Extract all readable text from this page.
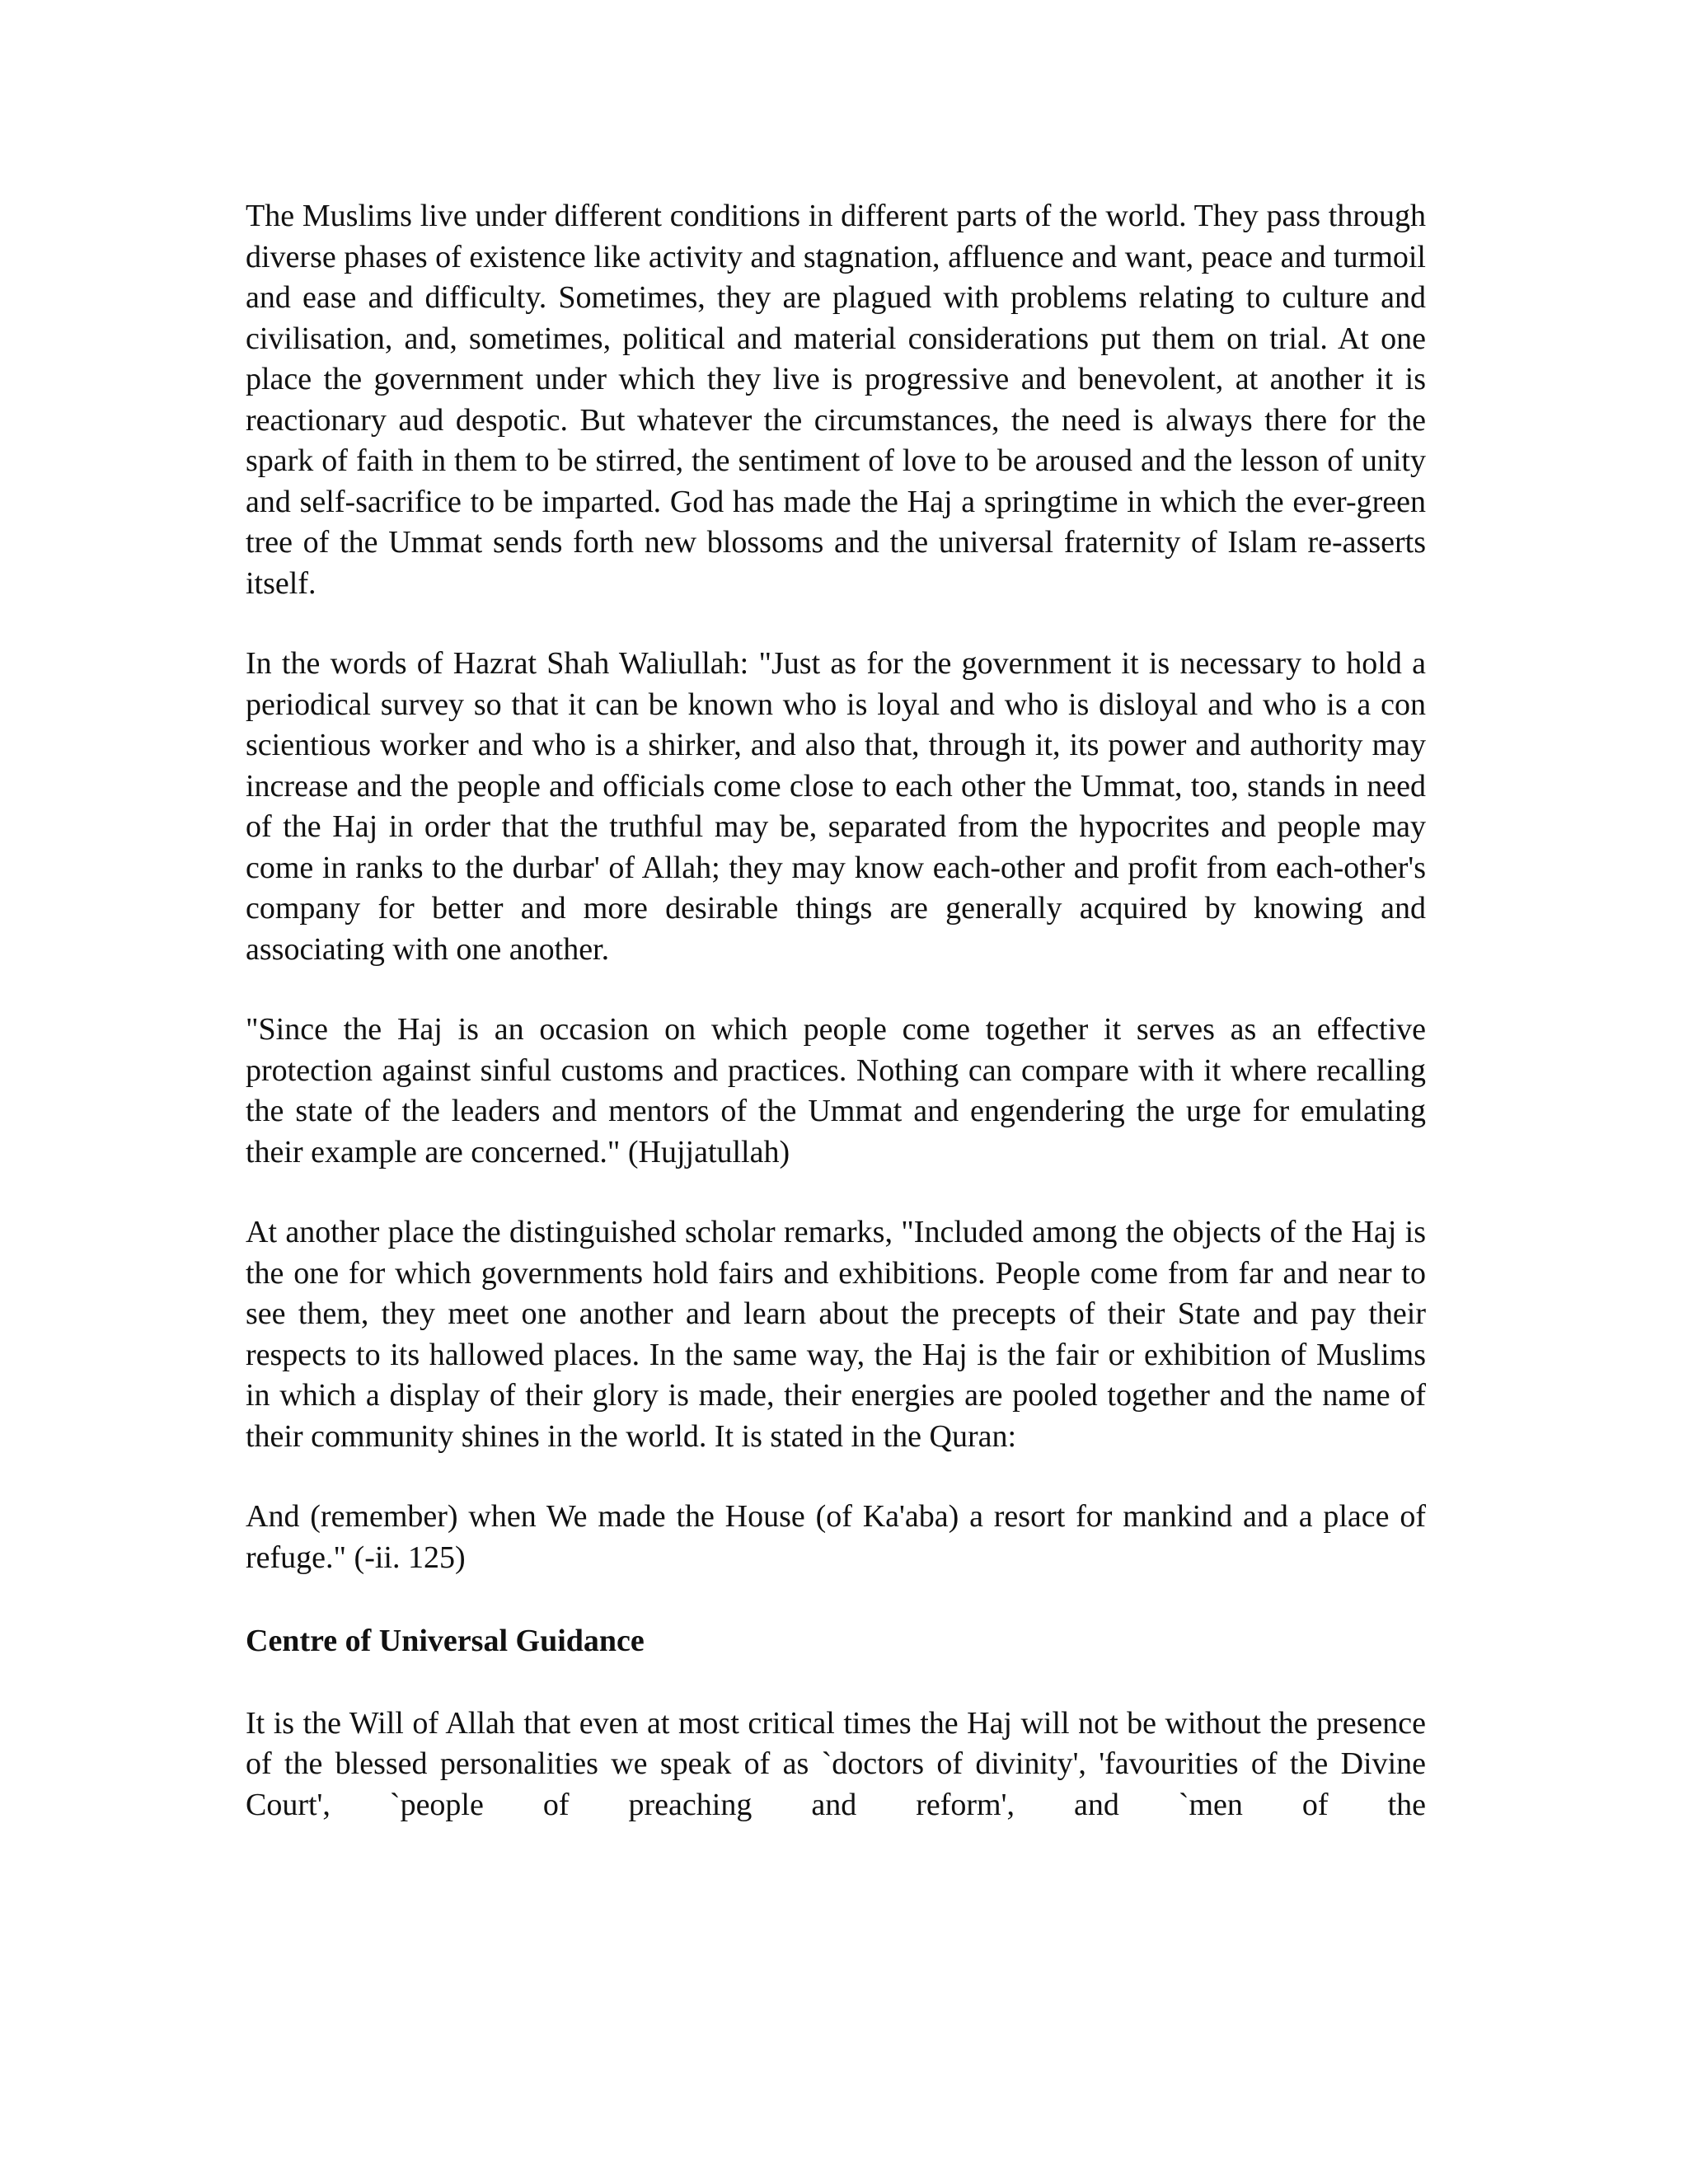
The Muslims live under different conditions in different parts of the world. They pass through diverse phases of existence like activity and stagnation, affluence and want, peace and turmoil and ease and difficulty. Sometimes, they are plagued with problems relating to culture and civilisation, and, sometimes, political and material considerations put them on trial. At one place the government under which they live is progressive and benevolent, at another it is reactionary aud despotic. But whatever the circumstances, the need is always there for the spark of faith in them to be stirred, the sentiment of love to be aroused and the lesson of unity and self-sacrifice to be imparted. God has made the Haj a springtime in which the ever-green tree of the Ummat sends forth new blossoms and the universal fraternity of Islam re-asserts itself.

In the words of Hazrat Shah Waliullah: "Just as for the government it is necessary to hold a periodical survey so that it can be known who is loyal and who is disloyal and who is a con scientious worker and who is a shirker, and also that, through it, its power and authority may increase and the people and officials come close to each other the Ummat, too, stands in need of the Haj in order that the truthful may be, separated from the hypocrites and people may come in ranks to the durbar' of Allah; they may know each-other and profit from each-other's company for better and more desirable things are generally acquired by knowing and associating with one another.

"Since the Haj is an occasion on which people come together it serves as an effective protection against sinful customs and practices. Nothing can compare with it where recalling the state of the leaders and mentors of the Ummat and engendering the urge for emulating their example are concerned." (Hujjatullah)

At another place the distinguished scholar remarks, "Included among the objects of the Haj is the one for which governments hold fairs and exhibitions. People come from far and near to see them, they meet one another and learn about the precepts of their State and pay their respects to its hallowed places. In the same way, the Haj is the fair or exhibition of Muslims in which a display of their glory is made, their energies are pooled together and the name of their community shines in the world. It is stated in the Quran:

And (remember) when We made the House (of Ka'aba) a resort for mankind and a place of refuge." (-ii. 125)

Centre of Universal Guidance

It is the Will of Allah that even at most critical times the Haj will not be without the presence of the blessed personalities we speak of as `doctors of divinity', 'favourities of the Divine Court', `people of preaching and reform', and `men of the
